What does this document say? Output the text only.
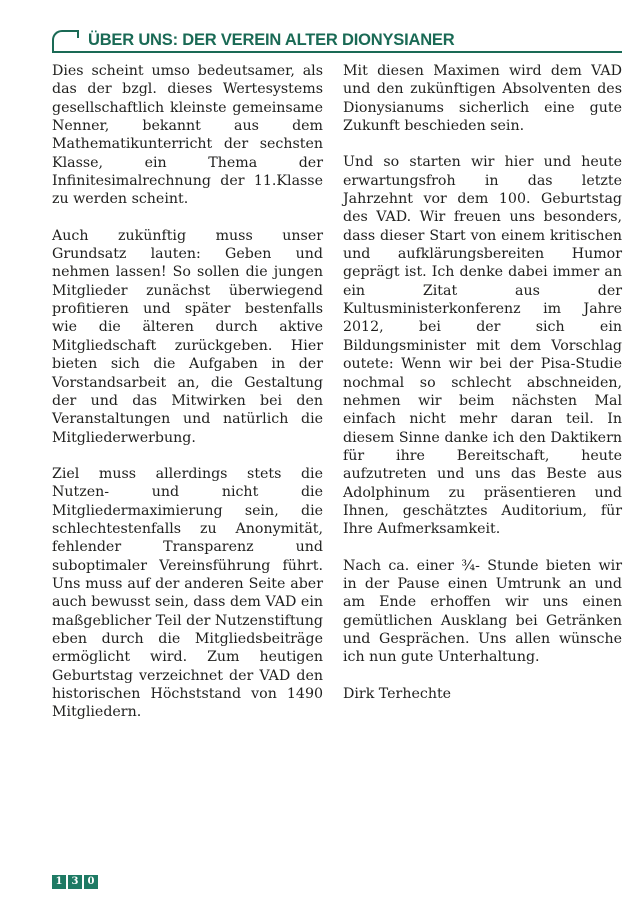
ÜBER UNS: DER VEREIN ALTER DIONYSIANER

Dies scheint umso bedeutsamer, als das der bzgl. dieses Wertesystems gesellschaftlich kleinste gemeinsame Nenner, bekannt aus dem Mathematikunterricht der sechsten Klasse, ein Thema der Infinitesimalrechnung der 11.Klasse zu werden scheint.

Auch zukünftig muss unser Grundsatz lauten: Geben und nehmen lassen! So sollen die jungen Mitglieder zunächst überwiegend profitieren und später bestenfalls wie die älteren durch aktive Mitgliedschaft zurückgeben. Hier bieten sich die Aufgaben in der Vorstandsarbeit an, die Gestaltung der und das Mitwirken bei den Veranstaltungen und natürlich die Mitgliederwerbung.

Ziel muss allerdings stets die Nutzen- und nicht die Mitgliedermaximierung sein, die schlechtestenfalls zu Anonymität, fehlender Transparenz und suboptimaler Vereinsführung führt. Uns muss auf der anderen Seite aber auch bewusst sein, dass dem VAD ein maßgeblicher Teil der Nutzenstiftung eben durch die Mitgliedsbeiträge ermöglicht wird. Zum heutigen Geburtstag verzeichnet der VAD den historischen Höchststand von 1490 Mitgliedern.

Mit diesen Maximen wird dem VAD und den zukünftigen Absolventen des Dionysianums sicherlich eine gute Zukunft beschieden sein.

Und so starten wir hier und heute erwartungsfroh in das letzte Jahrzehnt vor dem 100. Geburtstag des VAD. Wir freuen uns besonders, dass dieser Start von einem kritischen und aufklärungsbereiten Humor geprägt ist. Ich denke dabei immer an ein Zitat aus der Kultusministerkonferenz im Jahre 2012, bei der sich ein Bildungsminister mit dem Vorschlag outete: Wenn wir bei der Pisa-Studie nochmal so schlecht abschneiden, nehmen wir beim nächsten Mal einfach nicht mehr daran teil. In diesem Sinne danke ich den Daktikern für ihre Bereitschaft, heute aufzutreten und uns das Beste aus Adolphinum zu präsentieren und Ihnen, geschätztes Auditorium, für Ihre Aufmerksamkeit.

Nach ca. einer ¾- Stunde bieten wir in der Pause einen Umtrunk an und am Ende erhoffen wir uns einen gemütlichen Ausklang bei Getränken und Gesprächen. Uns allen wünsche ich nun gute Unterhaltung.

Dirk Terhechte

1 3 0
